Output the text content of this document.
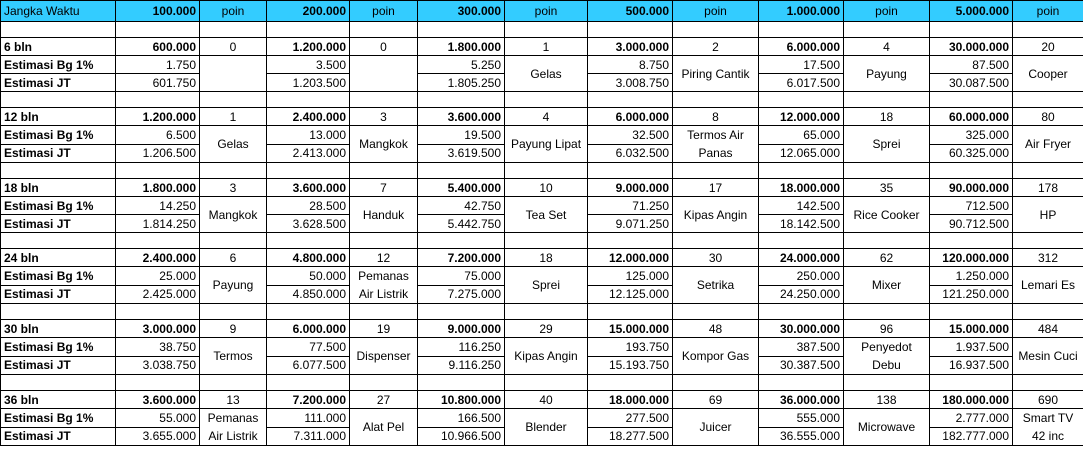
Jangka Waktu	100.000	poin	200.000	poin	300.000	poin	500.000	poin	1.000.000	poin	5.000.000	poin

6 bln	600.000	0	1.200.000	0	1.800.000	1	3.000.000	2	6.000.000	4	30.000.000	20
Estimasi Bg 1%	1.750		3.500		5.250	Gelas	8.750	Piring Cantik	17.500	Payung	87.500	Cooper
Estimasi JT	601.750		1.203.500		1.805.250		3.008.750		6.017.500		30.087.500	

12 bln	1.200.000	1	2.400.000	3	3.600.000	4	6.000.000	8	12.000.000	18	60.000.000	80
Estimasi Bg 1%	6.500	Gelas	13.000	Mangkok	19.500	Payung Lipat	32.500	Termos Air Panas	65.000	Sprei	325.000	Air Fryer
Estimasi JT	1.206.500		2.413.000		3.619.500		6.032.500		12.065.000		60.325.000	

18 bln	1.800.000	3	3.600.000	7	5.400.000	10	9.000.000	17	18.000.000	35	90.000.000	178
Estimasi Bg 1%	14.250	Mangkok	28.500	Handuk	42.750	Tea Set	71.250	Kipas Angin	142.500	Rice Cooker	712.500	HP
Estimasi JT	1.814.250		3.628.500		5.442.750		9.071.250		18.142.500		90.712.500	

24 bln	2.400.000	6	4.800.000	12	7.200.000	18	12.000.000	30	24.000.000	62	120.000.000	312
Estimasi Bg 1%	25.000	Payung	50.000	Pemanas Air Listrik	75.000	Sprei	125.000	Setrika	250.000	Mixer	1.250.000	Lemari Es
Estimasi JT	2.425.000		4.850.000		7.275.000		12.125.000		24.250.000		121.250.000	

30 bln	3.000.000	9	6.000.000	19	9.000.000	29	15.000.000	48	30.000.000	96	15.000.000	484
Estimasi Bg 1%	38.750	Termos	77.500	Dispenser	116.250	Kipas Angin	193.750	Kompor Gas	387.500	Penyedot Debu	1.937.500	Mesin Cuci
Estimasi JT	3.038.750		6.077.500		9.116.250		15.193.750		30.387.500		16.937.500	

36 bln	3.600.000	13	7.200.000	27	10.800.000	40	18.000.000	69	36.000.000	138	180.000.000	690
Estimasi Bg 1%	55.000	Pemanas Air Listrik	111.000	Alat Pel	166.500	Blender	277.500	Juicer	555.000	Microwave	2.777.000	Smart TV 42 inc
Estimasi JT	3.655.000		7.311.000		10.966.500		18.277.500		36.555.000		182.777.000	
